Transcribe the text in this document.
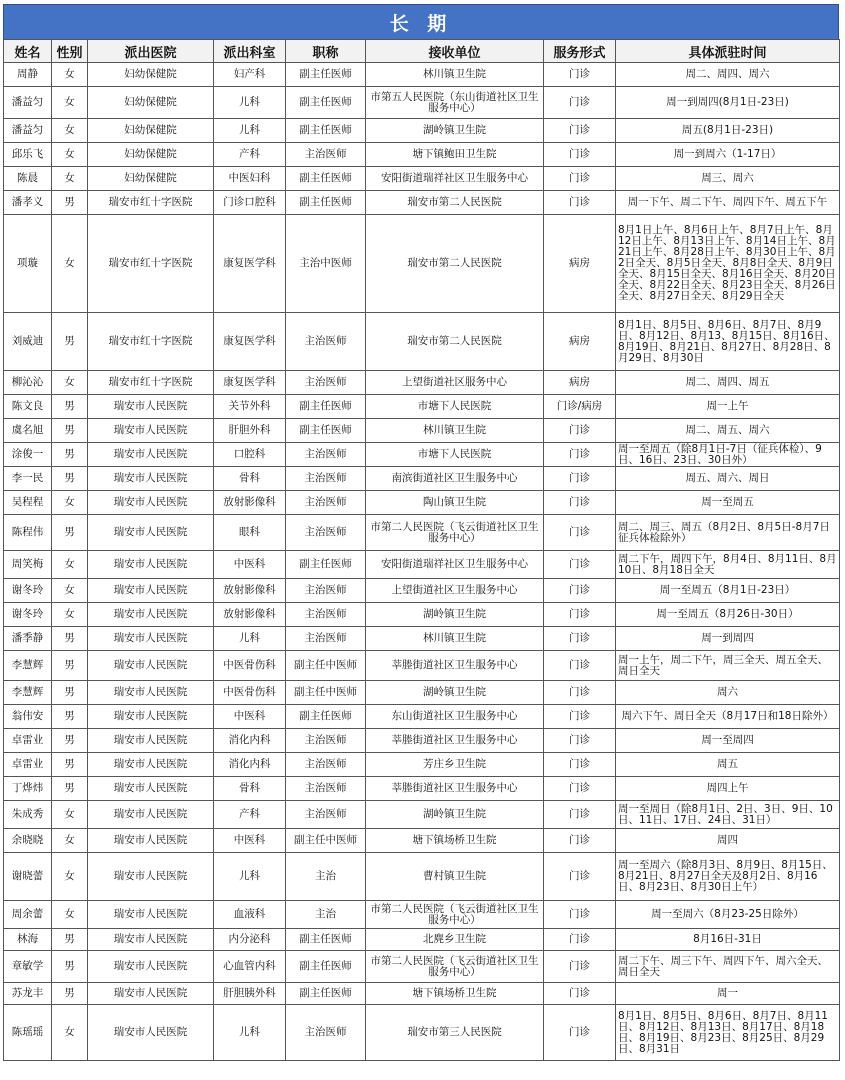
长 期
姓名	性别	派出医院	派出科室	职称	接收单位	服务形式	具体派驻时间
周静	女	妇幼保健院	妇产科	副主任医师	林川镇卫生院	门诊	周二、周四、周六
潘益匀	女	妇幼保健院	儿科	副主任医师	市第五人民医院（东山街道社区卫生服务中心）	门诊	周一到周四(8月1日-23日)
潘益匀	女	妇幼保健院	儿科	副主任医师	湖岭镇卫生院	门诊	周五(8月1日-23日)
邱乐飞	女	妇幼保健院	产科	主治医师	塘下镇鲍田卫生院	门诊	周一到周六（1-17日）
陈晨	女	妇幼保健院	中医妇科	副主任医师	安阳街道瑞祥社区卫生服务中心	门诊	周三、周六
潘孝义	男	瑞安市红十字医院	门诊口腔科	副主任医师	瑞安市第二人民医院	门诊	周一下午、周二下午、周四下午、周五下午
项璇	女	瑞安市红十字医院	康复医学科	主治中医师	瑞安市第二人民医院	病房	8月1日上午、8月6日上午、8月7日上午、8月12日上午、8月13日上午、8月14日上午、8月21日上午、8月28日上午、8月30日上午、8月2日全天、8月5日全天、8月8日全天、8月9日全天、8月15日全天、8月16日全天、8月20日全天、8月22日全天、8月23日全天、8月26日全天、8月27日全天、8月29日全天
刘威迪	男	瑞安市红十字医院	康复医学科	主治医师	瑞安市第二人民医院	病房	8月1日、8月5日、8月6日、8月7日、8月9日、8月12日、8月13、8月15日、8月16日、8月19日、8月21日、8月27日、8月28日、8月29日、8月30日
柳沁沁	女	瑞安市红十字医院	康复医学科	主治医师	上望街道社区服务中心	病房	周二、周四、周五
陈文良	男	瑞安市人民医院	关节外科	副主任医师	市塘下人民医院	门诊/病房	周一上午
虞名旭	男	瑞安市人民医院	肝胆外科	副主任医师	林川镇卫生院	门诊	周二、周五、周六
涂俊一	男	瑞安市人民医院	口腔科	主治医师	市塘下人民医院	门诊	周一至周五（除8月1日-7日（征兵体检）、9日、16日、23日、30日外）
李一民	男	瑞安市人民医院	骨科	主治医师	南滨街道社区卫生服务中心	门诊	周五、周六、周日
吴程程	女	瑞安市人民医院	放射影像科	主治医师	陶山镇卫生院	门诊	周一至周五
陈程伟	男	瑞安市人民医院	眼科	主治医师	市第二人民医院（飞云街道社区卫生服务中心）	门诊	周二、周三、周五（8月2日、8月5日-8月7日征兵体检除外）
周笑梅	女	瑞安市人民医院	中医科	副主任医师	安阳街道瑞祥社区卫生服务中心	门诊	周二下午，周四下午，8月4日、8月11日、8月10日、8月18日全天
谢冬玲	女	瑞安市人民医院	放射影像科	主治医师	上望街道社区卫生服务中心	门诊	周一至周五（8月1日-23日）
谢冬玲	女	瑞安市人民医院	放射影像科	主治医师	湖岭镇卫生院	门诊	周一至周五（8月26日-30日）
潘季静	男	瑞安市人民医院	儿科	主治医师	林川镇卫生院	门诊	周一到周四
李慧辉	男	瑞安市人民医院	中医骨伤科	副主任中医师	莘塍街道社区卫生服务中心	门诊	周一上午，周二下午，周三全天、周五全天、周日全天
李慧辉	男	瑞安市人民医院	中医骨伤科	副主任中医师	湖岭镇卫生院	门诊	周六
翁伟安	男	瑞安市人民医院	中医科	副主任医师	东山街道社区卫生服务中心	门诊	周六下午、周日全天（8月17日和18日除外）
卓雷业	男	瑞安市人民医院	消化内科	主治医师	莘塍街道社区卫生服务中心	门诊	周一至周四
卓雷业	男	瑞安市人民医院	消化内科	主治医师	芳庄乡卫生院	门诊	周五
丁烨炜	男	瑞安市人民医院	骨科	主治医师	莘塍街道社区卫生服务中心	门诊	周四上午
朱成秀	女	瑞安市人民医院	产科	主治医师	湖岭镇卫生院	门诊	周一至周日（除8月1日、2日、3日、9日、10日、11日、17日、24日、31日）
余晓晓	女	瑞安市人民医院	中医科	副主任中医师	塘下镇场桥卫生院	门诊	周四
谢晓蕾	女	瑞安市人民医院	儿科	主治	曹村镇卫生院	门诊	周一至周六（除8月3日、8月9日、8月15日、8月21日、8月27日全天及8月2日、8月16日、8月23日、8月30日上午）
周余蕾	女	瑞安市人民医院	血液科	主治	市第二人民医院（飞云街道社区卫生服务中心）	门诊	周一至周六（8月23-25日除外）
林海	男	瑞安市人民医院	内分泌科	副主任医师	北麂乡卫生院	门诊	8月16日-31日
章敏学	男	瑞安市人民医院	心血管内科	副主任医师	市第二人民医院（飞云街道社区卫生服务中心）	门诊	周二下午、周三下午、周四下午、周六全天、周日全天
苏龙丰	男	瑞安市人民医院	肝胆胰外科	副主任医师	塘下镇场桥卫生院	门诊	周一
陈瑶瑶	女	瑞安市人民医院	儿科	主治医师	瑞安市第三人民医院	门诊	8月1日、8月5日、8月6日、8月7日、8月11日、8月12日、8月13日、8月17日、8月18日、8月19日、8月23日、8月25日、8月29日、8月31日
